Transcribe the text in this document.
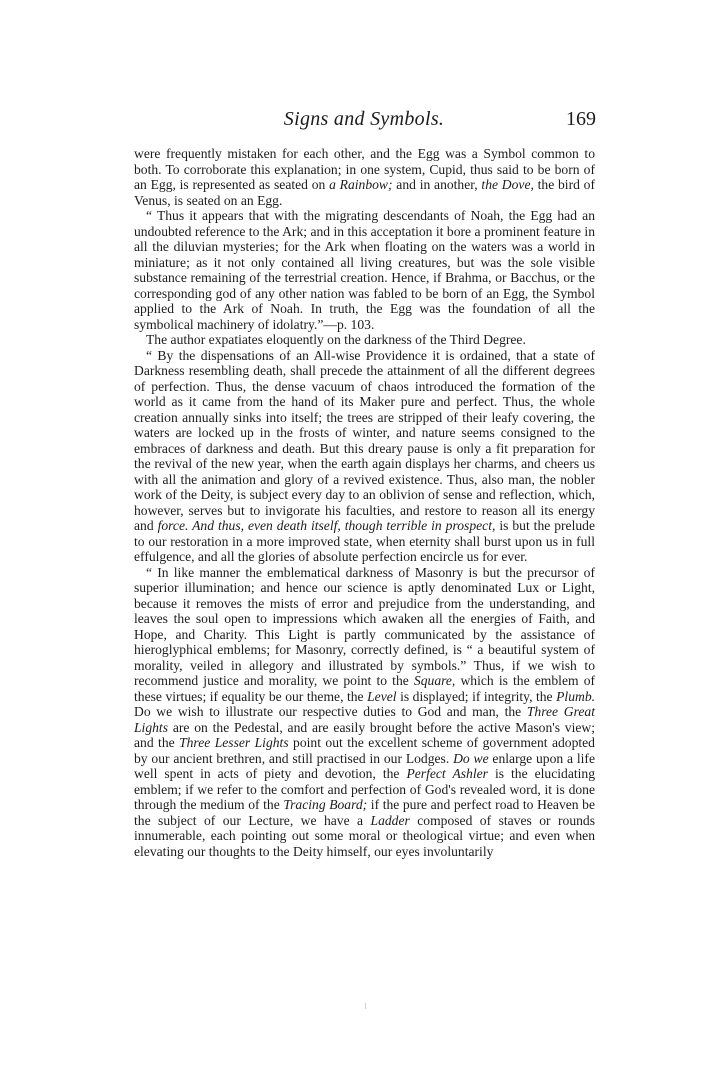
Signs and Symbols.	169

were frequently mistaken for each other, and the Egg was a Symbol common to both. To corroborate this explanation; in one system, Cupid, thus said to be born of an Egg, is represented as seated on a Rainbow; and in another, the Dove, the bird of Venus, is seated on an Egg.

“ Thus it appears that with the migrating descendants of Noah, the Egg had an undoubted reference to the Ark; and in this acceptation it bore a prominent feature in all the diluvian mysteries; for the Ark when floating on the waters was a world in miniature; as it not only contained all living creatures, but was the sole visible substance remaining of the terrestrial creation. Hence, if Brahma, or Bacchus, or the corresponding god of any other nation was fabled to be born of an Egg, the Symbol applied to the Ark of Noah. In truth, the Egg was the foundation of all the symbolical machinery of idolatry.”—p. 103.

The author expatiates eloquently on the darkness of the Third Degree.

“ By the dispensations of an All-wise Providence it is ordained, that a state of Darkness resembling death, shall precede the attainment of all the different degrees of perfection. Thus, the dense vacuum of chaos introduced the formation of the world as it came from the hand of its Maker pure and perfect. Thus, the whole creation annually sinks into itself; the trees are stripped of their leafy covering, the waters are locked up in the frosts of winter, and nature seems consigned to the embraces of darkness and death. But this dreary pause is only a fit preparation for the revival of the new year, when the earth again displays her charms, and cheers us with all the animation and glory of a revived existence. Thus, also man, the nobler work of the Deity, is subject every day to an oblivion of sense and reflection, which, however, serves but to invigorate his faculties, and restore to reason all its energy and force. And thus, even death itself, though terrible in prospect, is but the prelude to our restoration in a more improved state, when eternity shall burst upon us in full effulgence, and all the glories of absolute perfection encircle us for ever.

“ In like manner the emblematical darkness of Masonry is but the precursor of superior illumination; and hence our science is aptly denominated Lux or Light, because it removes the mists of error and prejudice from the understanding, and leaves the soul open to impressions which awaken all the energies of Faith, and Hope, and Charity. This Light is partly communicated by the assistance of hieroglyphical emblems; for Masonry, correctly defined, is “ a beautiful system of morality, veiled in allegory and illustrated by symbols.” Thus, if we wish to recommend justice and morality, we point to the Square, which is the emblem of these virtues; if equality be our theme, the Level is displayed; if integrity, the Plumb. Do we wish to illustrate our respective duties to God and man, the Three Great Lights are on the Pedestal, and are easily brought before the active Mason's view; and the Three Lesser Lights point out the excellent scheme of government adopted by our ancient brethren, and still practised in our Lodges. Do we enlarge upon a life well spent in acts of piety and devotion, the Perfect Ashler is the elucidating emblem; if we refer to the comfort and perfection of God's revealed word, it is done through the medium of the Tracing Board; if the pure and perfect road to Heaven be the subject of our Lecture, we have a Ladder composed of staves or rounds innumerable, each pointing out some moral or theological virtue; and even when elevating our thoughts to the Deity himself, our eyes involuntarily
